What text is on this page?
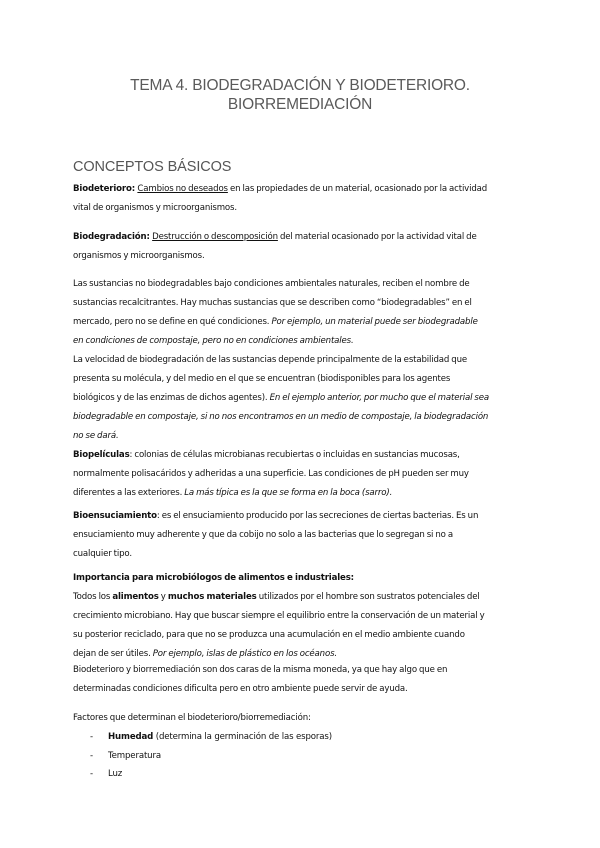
TEMA 4. BIODEGRADACIÓN Y BIODETERIORO.
BIORREMEDIACIÓN
CONCEPTOS BÁSICOS
Biodeterioro: Cambios no deseados en las propiedades de un material, ocasionado por la actividad
vital de organismos y microorganismos.
Biodegradación: Destrucción o descomposición del material ocasionado por la actividad vital de
organismos y microorganismos.
Las sustancias no biodegradables bajo condiciones ambientales naturales, reciben el nombre de
sustancias recalcitrantes. Hay muchas sustancias que se describen como “biodegradables” en el
mercado, pero no se define en qué condiciones. Por ejemplo, un material puede ser biodegradable
en condiciones de compostaje, pero no en condiciones ambientales.
La velocidad de biodegradación de las sustancias depende principalmente de la estabilidad que
presenta su molécula, y del medio en el que se encuentran (biodisponibles para los agentes
biológicos y de las enzimas de dichos agentes). En el ejemplo anterior, por mucho que el material sea
biodegradable en compostaje, si no nos encontramos en un medio de compostaje, la biodegradación
no se dará.
Biopelículas: colonias de células microbianas recubiertas o incluidas en sustancias mucosas,
normalmente polisacáridos y adheridas a una superficie. Las condiciones de pH pueden ser muy
diferentes a las exteriores. La más típica es la que se forma en la boca (sarro).
Bioensuciamiento: es el ensuciamiento producido por las secreciones de ciertas bacterias. Es un
ensuciamiento muy adherente y que da cobijo no solo a las bacterias que lo segregan si no a
cualquier tipo.
Importancia para microbiólogos de alimentos e industriales:
Todos los alimentos y muchos materiales utilizados por el hombre son sustratos potenciales del
crecimiento microbiano. Hay que buscar siempre el equilibrio entre la conservación de un material y
su posterior reciclado, para que no se produzca una acumulación en el medio ambiente cuando
dejan de ser útiles. Por ejemplo, islas de plástico en los océanos.
Biodeterioro y biorremediación son dos caras de la misma moneda, ya que hay algo que en
determinadas condiciones dificulta pero en otro ambiente puede servir de ayuda.
Factores que determinan el biodeterioro/biorremediación:
-	Humedad (determina la germinación de las esporas)
-	Temperatura
-	Luz
